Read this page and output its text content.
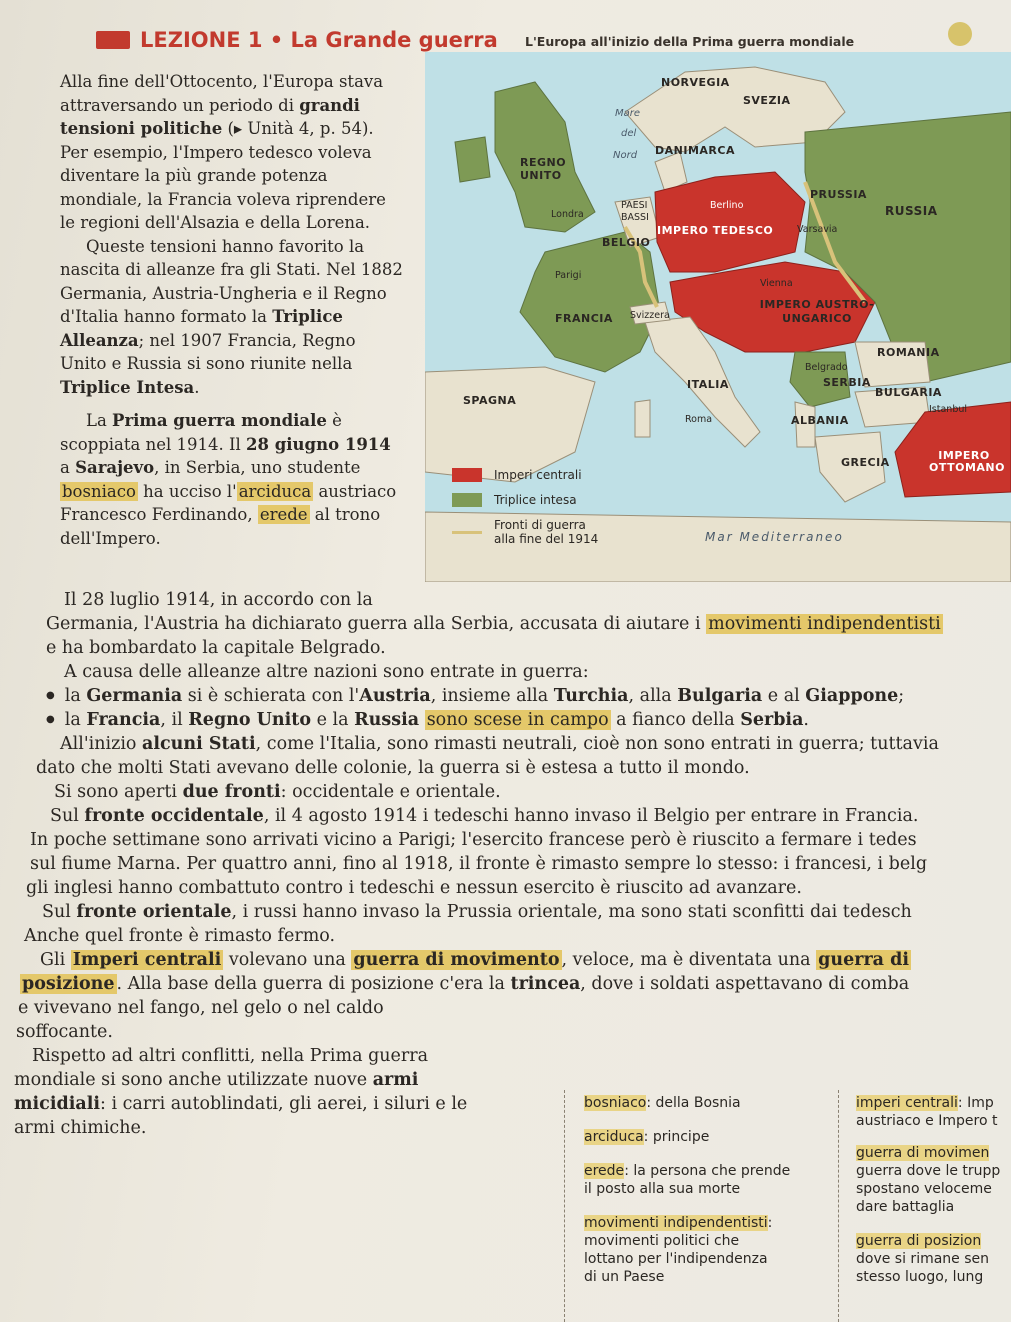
LEZIONE 1 • La Grande guerra L'Europa all'inizio della Prima guerra mondiale
NORVEGIA
SVEZIA
Mare
del
Nord DANIMARCA
REGNO UNITO
RUSSIA
PRUSSIA
Londra
PAESI BASSI
Berlino
Varsavia
BELGIO
IMPERO TEDESCO
Parigi
Vienna
FRANCIA Svizzera
IMPERO AUSTRO-UNGARICO
ROMANIA
Belgrado
SERBIA
ITALIA
BULGARIA
SPAGNA
Roma	ALBANIA
Istanbul
GRECIA
IMPERO OTTOMANO
Mar Mediterraneo
Imperi centrali
Triplice intesa
Fronti di guerra alla fine del 1914

Alla fine dell'Ottocento, l'Europa stava attraversando un periodo di grandi tensioni politiche (▸ Unità 4, p. 54). Per esempio, l'Impero tedesco voleva diventare la più grande potenza mondiale, la Francia voleva riprendere le regioni dell'Alsazia e della Lorena.

Queste tensioni hanno favorito la nascita di alleanze fra gli Stati. Nel 1882 Germania, Austria-Ungheria e il Regno d'Italia hanno formato la Triplice Alleanza; nel 1907 Francia, Regno Unito e Russia si sono riunite nella Triplice Intesa.

La Prima guerra mondiale è scoppiata nel 1914. Il 28 giugno 1914 a Sarajevo, in Serbia, uno studente bosniaco ha ucciso l' arciduca austriaco Francesco Ferdinando, erede al trono dell'Impero.

Il 28 luglio 1914, in accordo con la

Germania, l'Austria ha dichiarato guerra alla Serbia, accusata di aiutare i movimenti indipendentisti

e ha bombardato la capitale Belgrado.

A causa delle alleanze altre nazioni sono entrate in guerra:

● la Germania si è schierata con l'Austria, insieme alla Turchia, alla Bulgaria e al Giappone;

● la Francia, il Regno Unito e la Russia sono scese in campo a fianco della Serbia.

All'inizio alcuni Stati, come l'Italia, sono rimasti neutrali, cioè non sono entrati in guerra; tuttavia

dato che molti Stati avevano delle colonie, la guerra si è estesa a tutto il mondo.

Si sono aperti due fronti: occidentale e orientale.

Sul fronte occidentale, il 4 agosto 1914 i tedeschi hanno invaso il Belgio per entrare in Francia.

In poche settimane sono arrivati vicino a Parigi; l'esercito francese però è riuscito a fermare i tedes

sul fiume Marna. Per quattro anni, fino al 1918, il fronte è rimasto sempre lo stesso: i francesi, i belg

gli inglesi hanno combattuto contro i tedeschi e nessun esercito è riuscito ad avanzare.

Sul fronte orientale, i russi hanno invaso la Prussia orientale, ma sono stati sconfitti dai tedesch

Anche quel fronte è rimasto fermo.

Gli Imperi centrali volevano una guerra di movimento , veloce, ma è diventata una guerra di

posizione . Alla base della guerra di posizione c'era la trincea, dove i soldati aspettavano di comba

e vivevano nel fango, nel gelo o nel caldo

soffocante.

Rispetto ad altri conflitti, nella Prima guerra

mondiale si sono anche utilizzate nuove armi

micidiali: i carri autoblindati, gli aerei, i siluri e le

armi chimiche.

bosniaco: della Bosnia
arciduca: principe
erede: la persona che prende
il posto alla sua morte
movimenti indipendentisti:
movimenti politici che
lottano per l'indipendenza
di un Paese
imperi centrali: Imp
austriaco e Impero t
guerra di movimen
guerra dove le trupp
spostano veloceme
dare battaglia
guerra di posizion
dove si rimane sen
stesso luogo, lung
